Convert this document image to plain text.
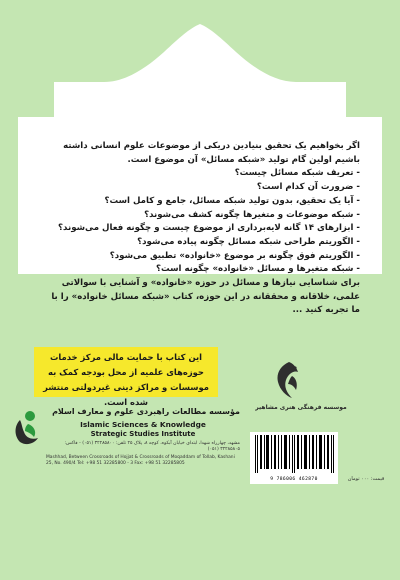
اگر بخواهیم یک تحقیق بنیادین دریکی از موضوعات علوم انسانی داشته باشیم اولین گام تولید «شبکه مسائل» آن موضوع است.

- تعریف شبکه مسائل چیست؟

- ضرورت آن کدام است؟

- آیا یک تحقیق، بدون تولید شبکه مسائل، جامع و کامل است؟

- شبکه موضوعات و متغیرها چگونه کشف می‌شوند؟

- ابزارهای ۱۴ گانه لایه‌برداری از موضوع چیست و چگونه فعال می‌شوند؟

- الگوریتم طراحی شبکه مسائل چگونه پیاده می‌شود؟

- الگوریتم فوق چگونه بر موضوع «خانواده» تطبیق می‌شود؟

- شبکه متغیرها و مسائل «خانواده» چگونه است؟

برای شناسایی نیازها و مسائل در حوزه «خانواده» و آشنایی با سوالاتی علمی، خلاقانه و محققانه در این حوزه، کتاب «شبکه مسائل خانواده» را با ما تجربه کنید ...

این کتاب با حمایت مالی مرکز خدمات حوزه‌های علمیه از محل بودجه کمک به موسسات و مراکز دینی غیردولتی منتشر شده است.

موسسه فرهنگی هنری مشاهیر
مؤسسه مطالعات راهبردی علوم و معارف اسلام
Islamic Sciences & Knowledge
Strategic Studies Institute
مشهد، چهارراه شهدا، ابتدای خیابان آبکوه، کوچه ۸، پلاک ۲۵ تلفن: ۳۲۲۸۵۸۰۰ (۰۵۱) - فاکس: ۳۲۲۸۵۸۰۵ (۰۵۱)
Mashhad, Between Crossroads of Hojjat & Crossroads of Moqaddam of Tollab, Kashani 25, No. 490/4 Tel: +98 51 32285800 - 3 Fax: +98 51 32285805
9 786006 462870	قیمت: ۰۰۰ تومان
